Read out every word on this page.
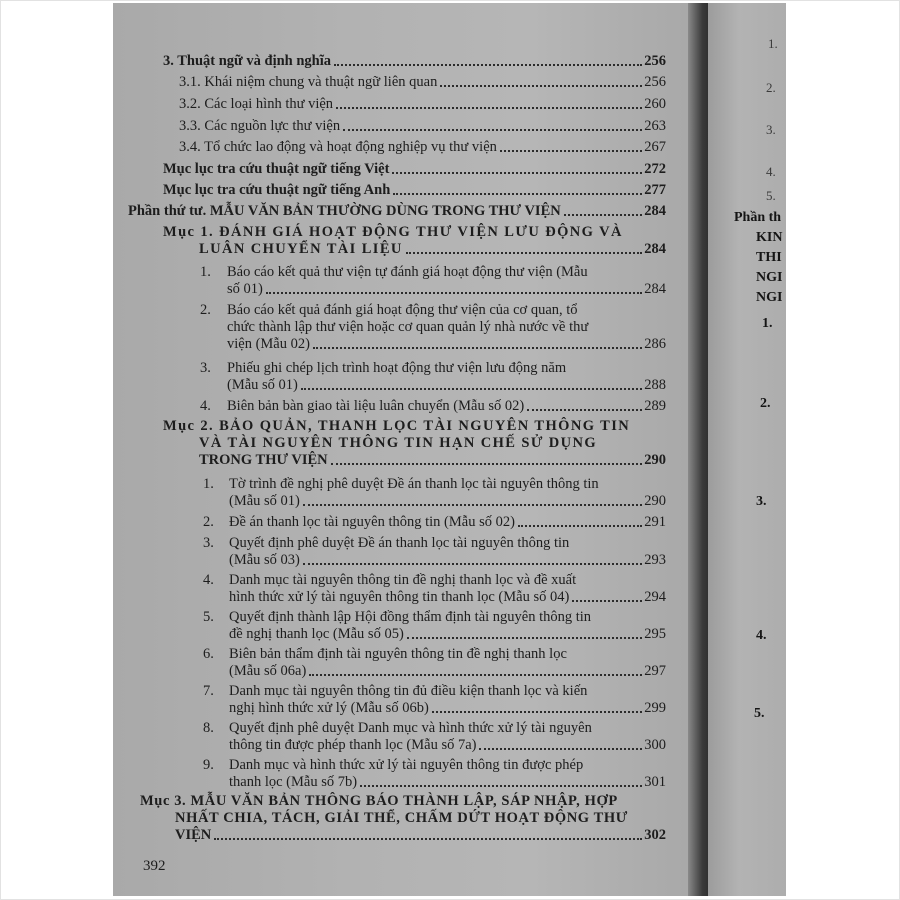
3. Thuật ngữ và định nghĩa	256
3.1. Khái niệm chung và thuật ngữ liên quan	256
3.2. Các loại hình thư viện	260
3.3. Các nguồn lực thư viện	263
3.4. Tổ chức lao động và hoạt động nghiệp vụ thư viện	267
Mục lục tra cứu thuật ngữ tiếng Việt	272
Mục lục tra cứu thuật ngữ tiếng Anh	277
Phần thứ tư. MẪU VĂN BẢN THƯỜNG DÙNG TRONG THƯ VIỆN	284
Mục 1. ĐÁNH GIÁ HOẠT ĐỘNG THƯ VIỆN LƯU ĐỘNG VÀ
LUÂN CHUYỂN TÀI LIỆU	284
1. Báo cáo kết quả thư viện tự đánh giá hoạt động thư viện (Mẫu
số 01)	284
2. Báo cáo kết quả đánh giá hoạt động thư viện của cơ quan, tổ
chức thành lập thư viện hoặc cơ quan quản lý nhà nước về thư
viện (Mẫu 02)	286
3. Phiếu ghi chép lịch trình hoạt động thư viện lưu động năm
(Mẫu số 01)	288
4. Biên bản bàn giao tài liệu luân chuyển (Mẫu số 02)	289
Mục 2. BẢO QUẢN, THANH LỌC TÀI NGUYÊN THÔNG TIN
VÀ TÀI NGUYÊN THÔNG TIN HẠN CHẾ SỬ DỤNG
TRONG THƯ VIỆN	290
1. Tờ trình đề nghị phê duyệt Đề án thanh lọc tài nguyên thông tin
(Mẫu số 01)	290
2. Đề án thanh lọc tài nguyên thông tin (Mẫu số 02)	291
3. Quyết định phê duyệt Đề án thanh lọc tài nguyên thông tin
(Mẫu số 03)	293
4. Danh mục tài nguyên thông tin đề nghị thanh lọc và đề xuất
hình thức xử lý tài nguyên thông tin thanh lọc (Mẫu số 04)	294
5. Quyết định thành lập Hội đồng thẩm định tài nguyên thông tin
đề nghị thanh lọc (Mẫu số 05)	295
6. Biên bản thẩm định tài nguyên thông tin đề nghị thanh lọc
(Mẫu số 06a)	297
7. Danh mục tài nguyên thông tin đủ điều kiện thanh lọc và kiến
nghị hình thức xử lý (Mẫu số 06b)	299
8. Quyết định phê duyệt Danh mục và hình thức xử lý tài nguyên
thông tin được phép thanh lọc (Mẫu số 7a)	300
9. Danh mục và hình thức xử lý tài nguyên thông tin được phép
thanh lọc (Mẫu số 7b)	301
Mục 3. MẪU VĂN BẢN THÔNG BÁO THÀNH LẬP, SÁP NHẬP, HỢP
NHẤT CHIA, TÁCH, GIẢI THỂ, CHẤM DỨT HOẠT ĐỘNG THƯ
VIỆN	302
392
1.
2.
3.
4.
5.
Phần th
KIN
THI
NGI
NGI
1.
2.
3.
4.
5.
